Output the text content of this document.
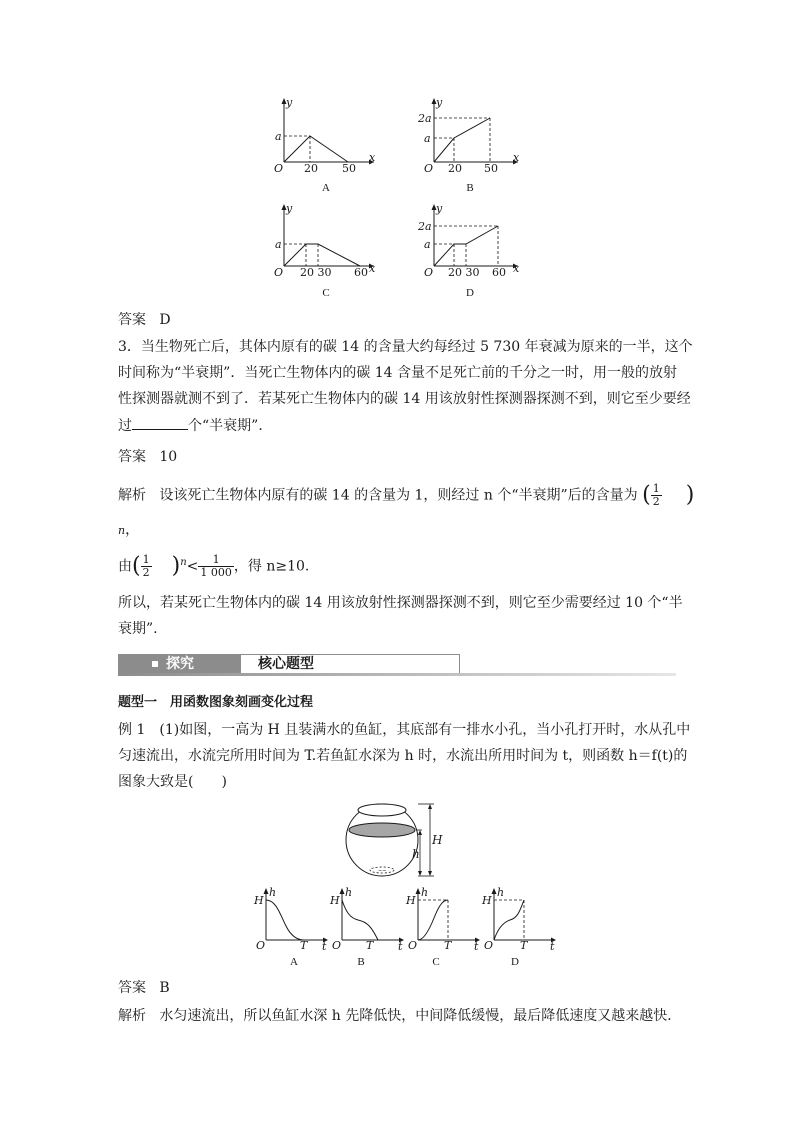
y
x
O
a
20 50
A
y
x
O
2a
a
20 50
B
y
x
O
a
20 30 60
C
y
x
O
2a
a
20 30 60
D
答案 D
3．当生物死亡后，其体内原有的碳 14 的含量大约每经过 5 730 年衰减为原来的一半，这个
时间称为“半衰期”．当死亡生物体内的碳 14 含量不足死亡前的千分之一时，用一般的放射
性探测器就测不到了．若某死亡生物体内的碳 14 用该放射性探测器探测不到，则它至少要经
过	个“半衰期”．
答案 10
解析 设该死亡生物体内原有的碳 14 的含量为 1，则经过 n 个“半衰期”后的含量为 ( $\frac{1}{2}$ )
n，
由( $\frac{1}{2} )^n< \frac{1}{1 000}$ ，得 n≥10.
所以，若某死亡生物体内的碳 14 用该放射性探测器探测不到，则它至少需要经过 10 个“半
衰期”.
探究	核心题型
题型一　用函数图象刻画变化过程
例 1　(1)如图，一高为 H 且装满水的鱼缸，其底部有一排水小孔，当小孔打开时，水从孔中
匀速流出，水流完所用时间为 T.若鱼缸水深为 h 时，水流出所用时间为 t，则函数 h＝f(t)的
图象大致是(　　)
~~
H
h
h
t
O
H
T
A
h
t
O
H
T
B
h
t
O
H
T
C
h
t
O
H
T
D
答案 B
解析 水匀速流出，所以鱼缸水深 h 先降低快，中间降低缓慢，最后降低速度又越来越快．
